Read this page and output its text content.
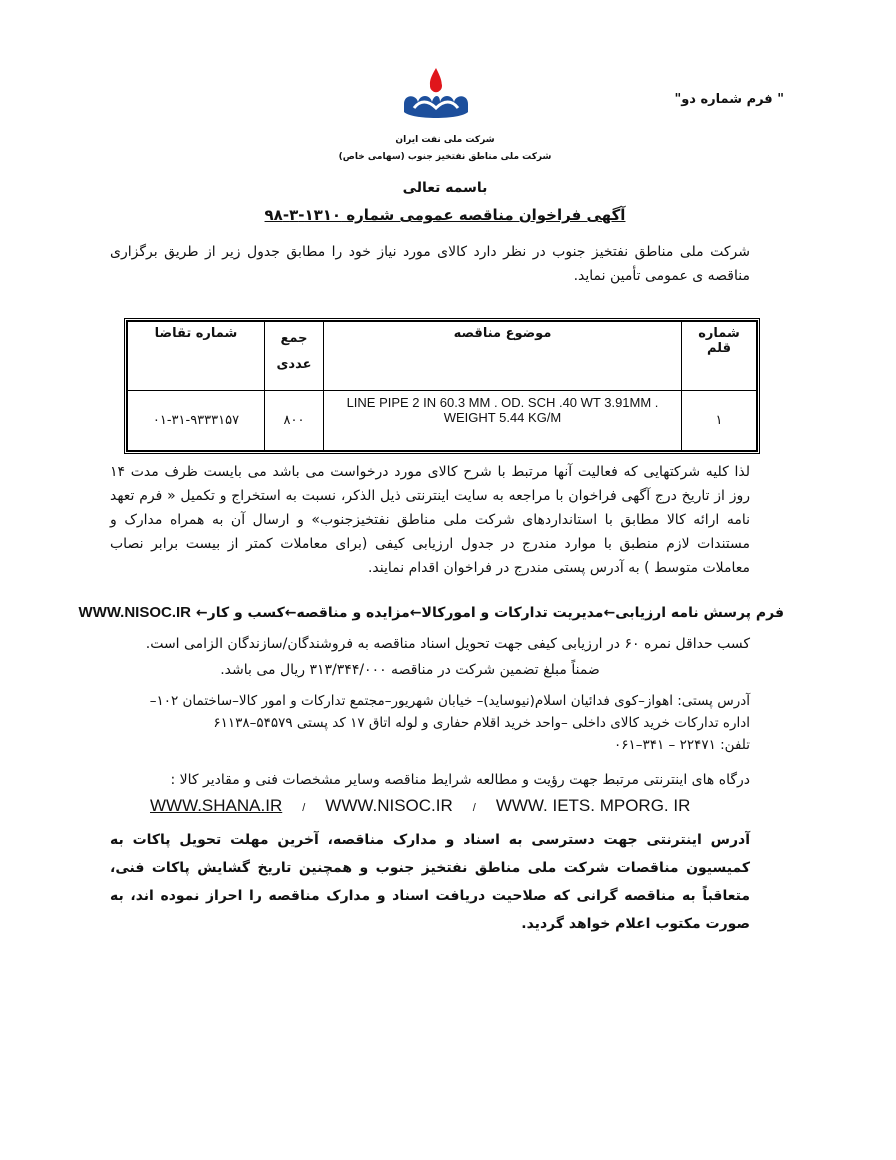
" فرم شماره دو"
شرکت ملی نفت ایران
شرکت ملی مناطق نفتخیز جنوب (سهامی خاص)
باسمه تعالی
آگهی فراخوان مناقصه عمومی شماره ۱۳۱۰-۳-۹۸
شرکت ملی مناطق نفتخیز جنوب در نظر دارد کالای مورد نیاز خود را مطابق جدول زیر از طریق برگزاری مناقصه ی عمومی تأمین نماید.
شماره قلم	موضوع مناقصه	جمع عددی	شماره تقاضا
۱	LINE PIPE 2 IN 60.3 MM . OD. SCH .40 WT 3.91MM . WEIGHT 5.44 KG/M	۸۰۰	۰۱-۳۱-۹۳۳۳۱۵۷
لذا کلیه شرکتهایی که فعالیت آنها مرتبط با شرح کالای مورد درخواست می باشد می بایست ظرف مدت ۱۴ روز از تاریخ درج آگهی فراخوان با مراجعه به سایت اینترنتی ذیل الذکر، نسبت به استخراج و تکمیل « فرم تعهد نامه ارائه کالا مطابق با استانداردهای شرکت ملی مناطق نفتخیزجنوب» و ارسال آن به همراه مدارک و مستندات لازم منطبق با موارد مندرج در جدول ارزیابی کیفی (برای معاملات کمتر از بیست برابر نصاب معاملات متوسط ) به آدرس پستی مندرج در فراخوان اقدام نمایند.
فرم پرسش نامه ارزیابی←مدیریت تدارکات و امورکالا←مزایده و مناقصه←کسب و کار← WWW.NISOC.IR
کسب حداقل نمره ۶۰ در ارزیابی کیفی جهت تحویل اسناد مناقصه به فروشندگان/سازندگان الزامی است.
ضمناً مبلغ تضمین شرکت در مناقصه ۳۱۳/۳۴۴/۰۰۰ ریال می باشد.
آدرس پستی: اهواز–کوی فدائیان اسلام(نیوساید)– خیابان شهریور–مجتمع تدارکات و امور کالا–ساختمان ۱۰۲–
اداره تدارکات خرید کالای داخلی –واحد خرید اقلام حفاری و لوله اتاق ۱۷ کد پستی ۵۴۵۷۹–۶۱۱۳۸
تلفن: ۲۲۴۷۱ – ۳۴۱–۰۶۱
درگاه های اینترنتی مرتبط جهت رؤیت و مطالعه شرایط مناقصه وسایر مشخصات فنی و مقادیر کالا :
WWW.SHANA.IR / WWW.NISOC.IR / WWW. IETS. MPORG. IR
آدرس اینترنتی جهت دسترسی به اسناد و مدارک مناقصه، آخرین مهلت تحویل پاکات به کمیسیون مناقصات شرکت ملی مناطق نفتخیز جنوب و همچنین تاریخ گشایش پاکات فنی، متعاقباً به مناقصه گرانی که صلاحیت دریافت اسناد و مدارک مناقصه را احراز نموده اند، به صورت مکتوب اعلام خواهد گردید.
